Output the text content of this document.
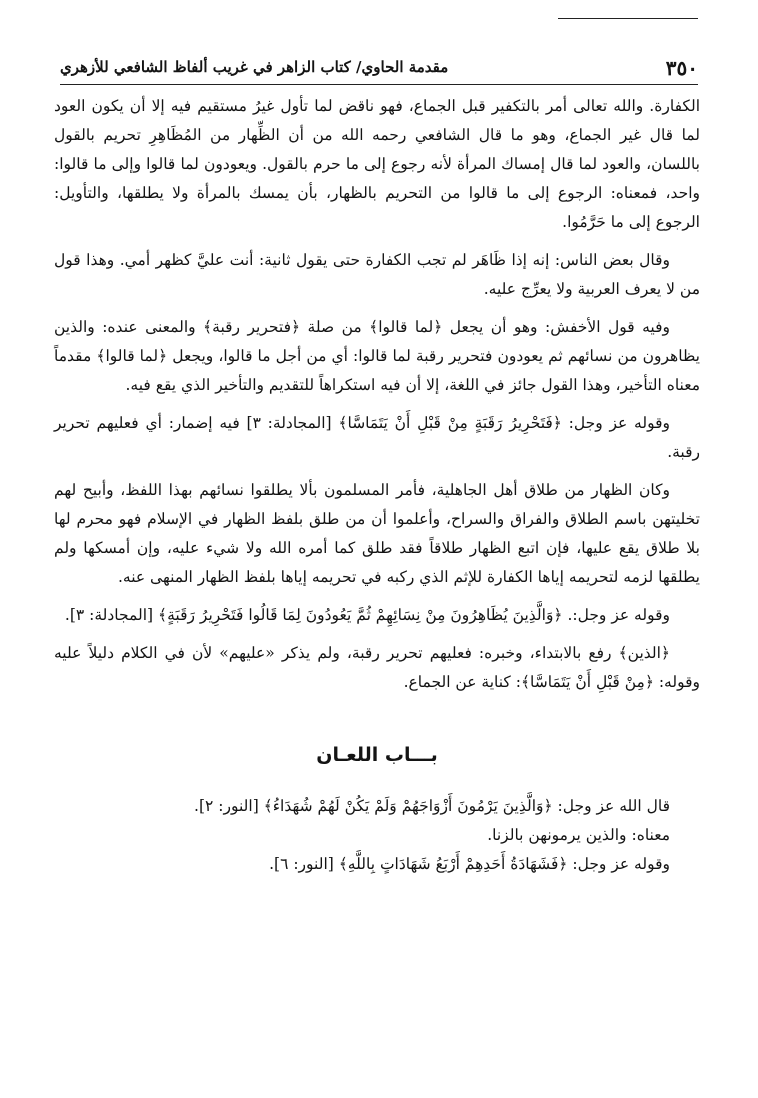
٣٥٠
مقدمة الحاوي/ كتاب الزاهر في غريب ألفاظ الشافعي للأزهري

الكفارة. والله تعالى أمر بالتكفير قبل الجماع، فهو ناقض لما تأول غيرُ مستقيم فيه إلا أن يكون العود لما قال غير الجماع، وهو ما قال الشافعي رحمه الله من أن الظِّهار من المُظَاهِرِ تحريم بالقول باللسان، والعود لما قال إمساك المرأة لأنه رجوع إلى ما حرم بالقول. ويعودون لما قالوا وإلى ما قالوا: واحد، فمعناه: الرجوع إلى ما قالوا من التحريم بالظهار، بأن يمسك بالمرأة ولا يطلقها، والتأويل: الرجوع إلى ما حَرَّمُوا.

وقال بعض الناس: إنه إذا ظَاهَر لم تجب الكفارة حتى يقول ثانية: أنت عليَّ كظهر أمي. وهذا قول من لا يعرف العربية ولا يعرِّج عليه.

وفيه قول الأخفش: وهو أن يجعل ﴿لما قالوا﴾ من صلة ﴿فتحرير رقبة﴾ والمعنى عنده: والذين يظاهرون من نسائهم ثم يعودون فتحرير رقبة لما قالوا: أي من أجل ما قالوا، ويجعل ﴿لما قالوا﴾ مقدماً معناه التأخير، وهذا القول جائز في اللغة، إلا أن فيه استكراهاً للتقديم والتأخير الذي يقع فيه.

وقوله عز وجل: ﴿فَتَحْرِيرُ رَقَبَةٍ مِنْ قَبْلِ أَنْ يَتَمَاسَّا﴾ [المجادلة: ٣] فيه إضمار: أي فعليهم تحرير رقبة.

وكان الظهار من طلاق أهل الجاهلية، فأمر المسلمون بألا يطلقوا نسائهم بهذا اللفظ، وأبيح لهم تخليتهن باسم الطلاق والفراق والسراح، وأعلموا أن من طلق بلفظ الظهار في الإسلام فهو محرم لها بلا طلاق يقع عليها، فإن اتبع الظهار طلاقاً فقد طلق كما أمره الله ولا شيء عليه، وإن أمسكها ولم يطلقها لزمه لتحريمه إياها الكفارة للإثم الذي ركبه في تحريمه إياها بلفظ الظهار المنهى عنه.

وقوله عز وجل:. ﴿وَالَّذِينَ يُظَاهِرُونَ مِنْ نِسَائِهِمْ ثُمَّ يَعُودُونَ لِمَا قَالُوا فَتَحْرِيرُ رَقَبَةٍ﴾ [المجادلة: ٣].

﴿الذين﴾ رفع بالابتداء، وخبره: فعليهم تحرير رقبة، ولم يذكر «عليهم» لأن في الكلام دليلاً عليه وقوله: ﴿مِنْ قَبْلِ أَنْ يَتَمَاسَّا﴾: كناية عن الجماع.

بـــاب اللعـان

قال الله عز وجل: ﴿وَالَّذِينَ يَرْمُونَ أَزْوَاجَهُمْ وَلَمْ يَكُنْ لَهُمْ شُهَدَاءُ﴾ [النور: ٢].

معناه: والذين يرمونهن بالزنا.

وقوله عز وجل: ﴿فَشَهَادَةُ أَحَدِهِمْ أَرْبَعُ شَهَادَاتٍ بِاللَّهِ﴾ [النور: ٦].
